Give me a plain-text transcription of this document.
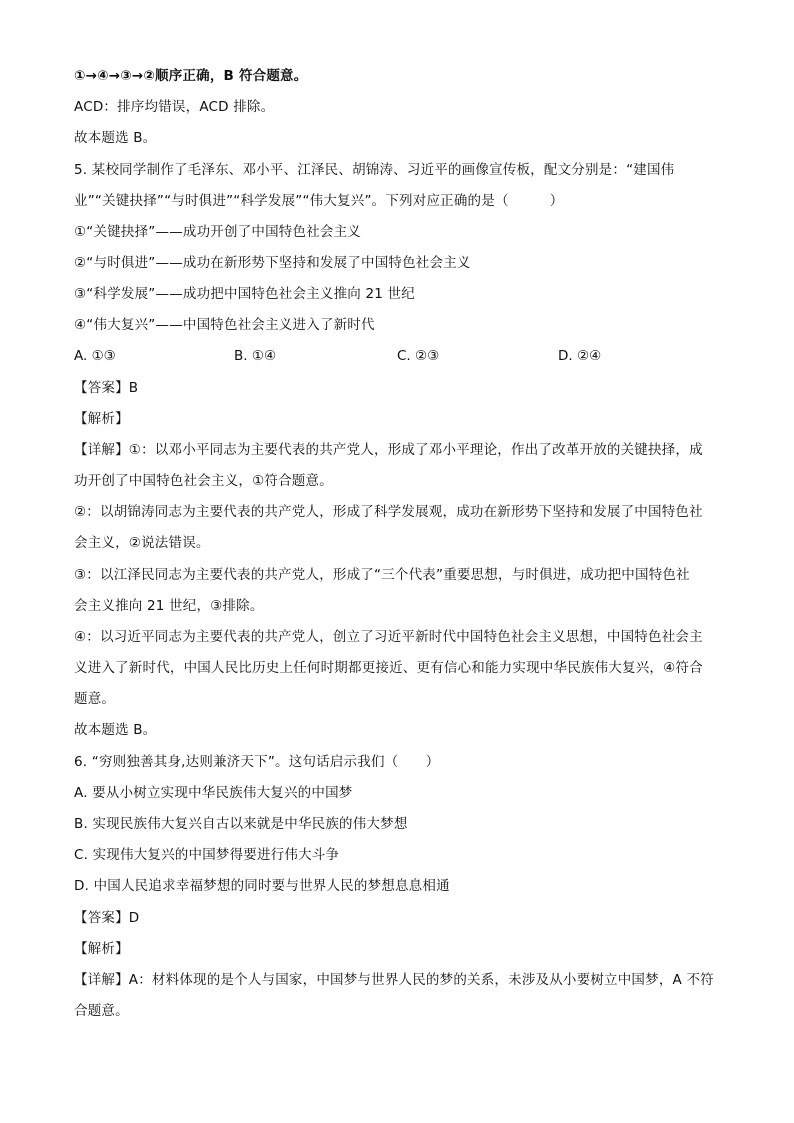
①→④→③→②顺序正确，B 符合题意。
ACD：排序均错误，ACD 排除。
故本题选 B。
5. 某校同学制作了毛泽东、邓小平、江泽民、胡锦涛、习近平的画像宣传板，配文分别是：“建国伟
业”“关键抉择”“与时俱进”“科学发展”“伟大复兴”。下列对应正确的是（　　　）
①“关键抉择”——成功开创了中国特色社会主义
②“与时俱进”——成功在新形势下坚持和发展了中国特色社会主义
③“科学发展”——成功把中国特色社会主义推向 21 世纪
④“伟大复兴”——中国特色社会主义进入了新时代
A. ①③	B. ①④	C. ②③	D. ②④
【答案】B
【解析】
【详解】①：以邓小平同志为主要代表的共产党人，形成了邓小平理论，作出了改革开放的关键抉择，成
功开创了中国特色社会主义，①符合题意。
②：以胡锦涛同志为主要代表的共产党人，形成了科学发展观，成功在新形势下坚持和发展了中国特色社
会主义，②说法错误。
③：以江泽民同志为主要代表的共产党人，形成了“三个代表”重要思想，与时俱进，成功把中国特色社
会主义推向 21 世纪，③排除。
④：以习近平同志为主要代表的共产党人，创立了习近平新时代中国特色社会主义思想，中国特色社会主
义进入了新时代，中国人民比历史上任何时期都更接近、更有信心和能力实现中华民族伟大复兴，④符合
题意。
故本题选 B。
6. “穷则独善其身,达则兼济天下”。这句话启示我们（　　）
A. 要从小树立实现中华民族伟大复兴的中国梦
B. 实现民族伟大复兴自古以来就是中华民族的伟大梦想
C. 实现伟大复兴的中国梦得要进行伟大斗争
D. 中国人民追求幸福梦想的同时要与世界人民的梦想息息相通
【答案】D
【解析】
【详解】A：材料体现的是个人与国家，中国梦与世界人民的梦的关系，未涉及从小要树立中国梦，A 不符
合题意。
